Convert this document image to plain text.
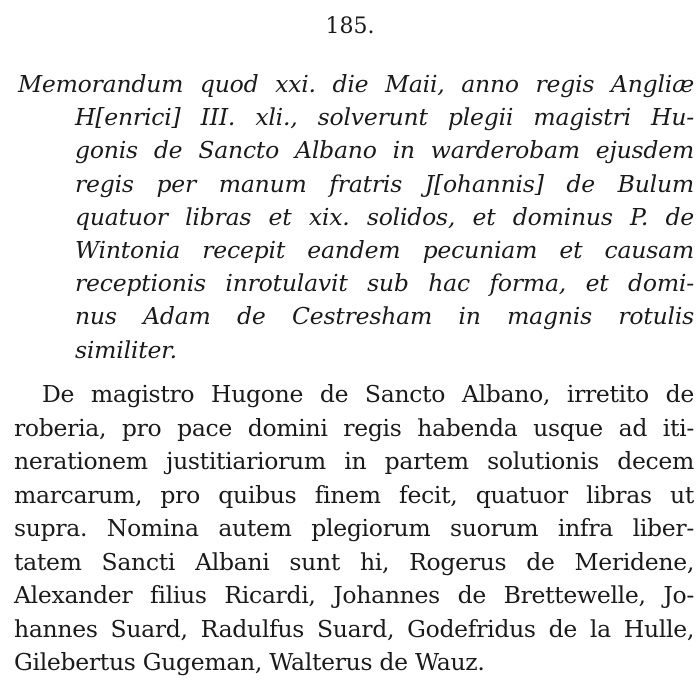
185.
Memorandum quod xxi. die Maii, anno regis Angliæ
H[enrici] III. xli., solverunt plegii magistri Hu-
gonis de Sancto Albano in warderobam ejusdem
regis per manum fratris J[ohannis] de Bulum
quatuor libras et xix. solidos, et dominus P. de
Wintonia recepit eandem pecuniam et causam
receptionis inrotulavit sub hac forma, et domi-
nus Adam de Cestresham in magnis rotulis
similiter.
De magistro Hugone de Sancto Albano, irretito de
roberia, pro pace domini regis habenda usque ad iti-
nerationem justitiariorum in partem solutionis decem
marcarum, pro quibus finem fecit, quatuor libras ut
supra. Nomina autem plegiorum suorum infra liber-
tatem Sancti Albani sunt hi, Rogerus de Meridene,
Alexander filius Ricardi, Johannes de Brettewelle, Jo-
hannes Suard, Radulfus Suard, Godefridus de la Hulle,
Gilebertus Gugeman, Walterus de Wauz.
